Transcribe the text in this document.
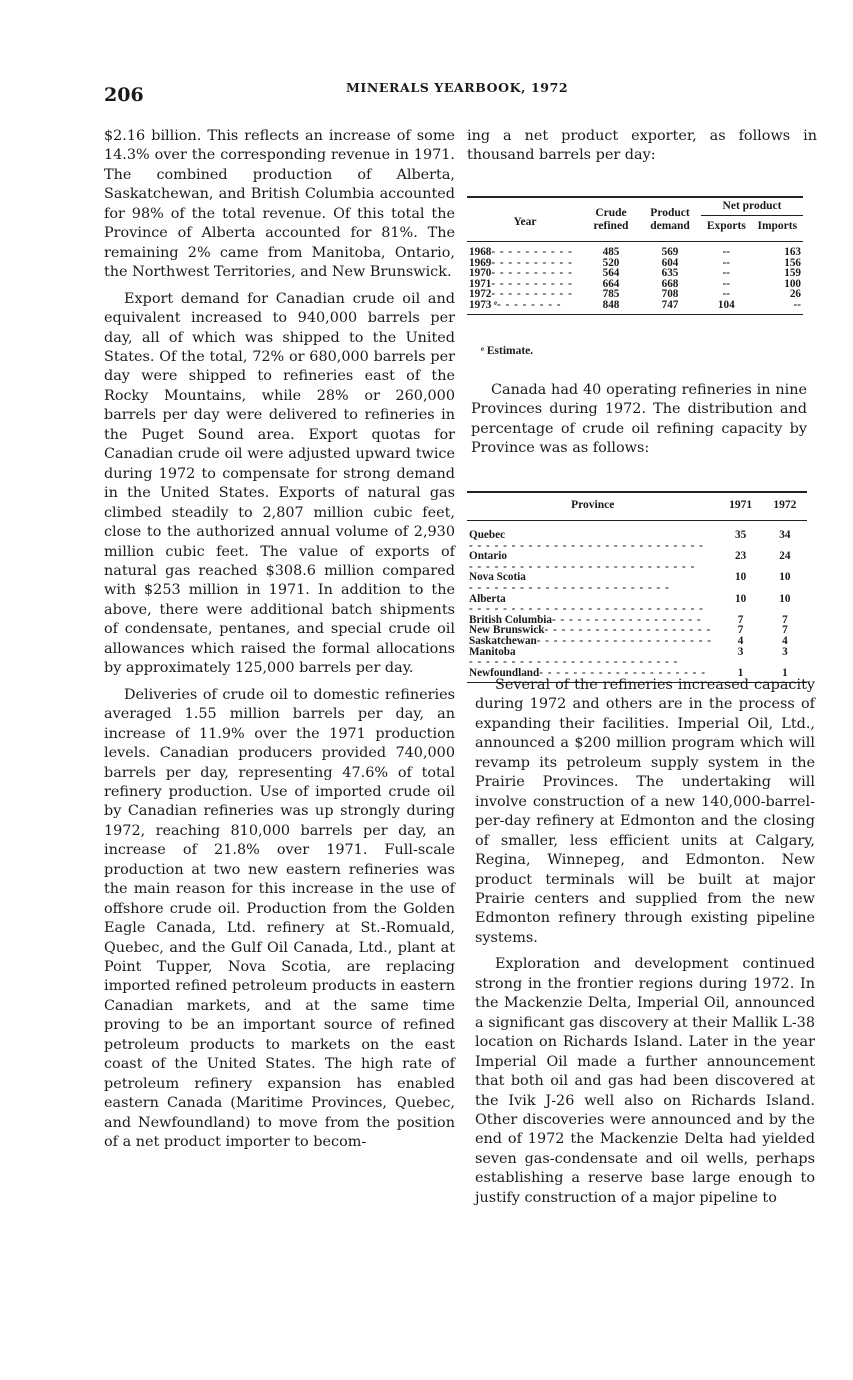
206	MINERALS YEARBOOK, 1972

$2.16 billion. This reflects an increase of some 14.3% over the corresponding revenue in 1971. The combined production of Alberta, Saskatchewan, and British Columbia accounted for 98% of the total revenue. Of this total the Province of Alberta accounted for 81%. The remaining 2% came from Manitoba, Ontario, the Northwest Territories, and New Brunswick.

Export demand for Canadian crude oil and equivalent increased to 940,000 barrels per day, all of which was shipped to the United States. Of the total, 72% or 680,000 barrels per day were shipped to refineries east of the Rocky Mountains, while 28% or 260,000 barrels per day were delivered to refineries in the Puget Sound area. Export quotas for Canadian crude oil were adjusted upward twice during 1972 to compensate for strong demand in the United States. Exports of natural gas climbed steadily to 2,807 million cubic feet, close to the authorized annual volume of 2,930 million cubic feet. The value of exports of natural gas reached $308.6 million compared with $253 million in 1971. In addition to the above, there were additional batch shipments of condensate, pentanes, and special crude oil allowances which raised the formal allocations by approximately 125,000 barrels per day.

Deliveries of crude oil to domestic refineries averaged 1.55 million barrels per day, an increase of 11.9% over the 1971 production levels. Canadian producers provided 740,000 barrels per day, representing 47.6% of total refinery production. Use of imported crude oil by Canadian refineries was up strongly during 1972, reaching 810,000 barrels per day, an increase of 21.8% over 1971. Full-scale production at two new eastern refineries was the main reason for this increase in the use of offshore crude oil. Production from the Golden Eagle Canada, Ltd. refinery at St.-Romuald, Quebec, and the Gulf Oil Canada, Ltd., plant at Point Tupper, Nova Scotia, are replacing imported refined petroleum products in eastern Canadian markets, and at the same time proving to be an important source of refined petroleum products to markets on the east coast of the United States. The high rate of petroleum refinery expansion has enabled eastern Canada (Maritime Provinces, Quebec, and Newfoundland) to move from the position of a net product importer to becom-

ing a net product exporter, as follows in thousand barrels per day:

Year	Crude refined	Product demand	Net product	
			Exports	Imports

1968- - - - - - - - - -	485	569	--	163
1969- - - - - - - - - -	520	604	--	156
1970- - - - - - - - - -	564	635	--	159
1971- - - - - - - - - -	664	668	--	100
1972- - - - - - - - - -	785	708	--	26
1973 ᵉ- - - - - - - -	848	747	104	--

ᵉ Estimate.

Canada had 40 operating refineries in nine Provinces during 1972. The distribution and percentage of crude oil refining capacity by Province was as follows:

Province	1971	1972

Quebec- - - - - - - - - - - - - - - - - - - - - - - - - - - -	35	34
Ontario- - - - - - - - - - - - - - - - - - - - - - - - - - -	23	24
Nova Scotia- - - - - - - - - - - - - - - - - - - - - - - -	10	10
Alberta- - - - - - - - - - - - - - - - - - - - - - - - - - - -	10	10
British Columbia- - - - - - - - - - - - - - - - - -	7	7
New Brunswick- - - - - - - - - - - - - - - - - - - -	7	7
Saskatchewan- - - - - - - - - - - - - - - - - - - - -	4	4
Manitoba- - - - - - - - - - - - - - - - - - - - - - - - -	3	3
Newfoundland- - - - - - - - - - - - - - - - - - - -	1	1

Several of the refineries increased capacity during 1972 and others are in the process of expanding their facilities. Imperial Oil, Ltd., announced a $200 million program which will revamp its petroleum supply system in the Prairie Provinces. The undertaking will involve construction of a new 140,000-barrel-per-day refinery at Edmonton and the closing of smaller, less efficient units at Calgary, Regina, Winnepeg, and Edmonton. New product terminals will be built at major Prairie centers and supplied from the new Edmonton refinery through existing pipeline systems.

Exploration and development continued strong in the frontier regions during 1972. In the Mackenzie Delta, Imperial Oil, announced a significant gas discovery at their Mallik L-38 location on Richards Island. Later in the year Imperial Oil made a further announcement that both oil and gas had been discovered at the Ivik J-26 well also on Richards Island. Other discoveries were announced and by the end of 1972 the Mackenzie Delta had yielded seven gas-condensate and oil wells, perhaps establishing a reserve base large enough to justify construction of a major pipeline to
